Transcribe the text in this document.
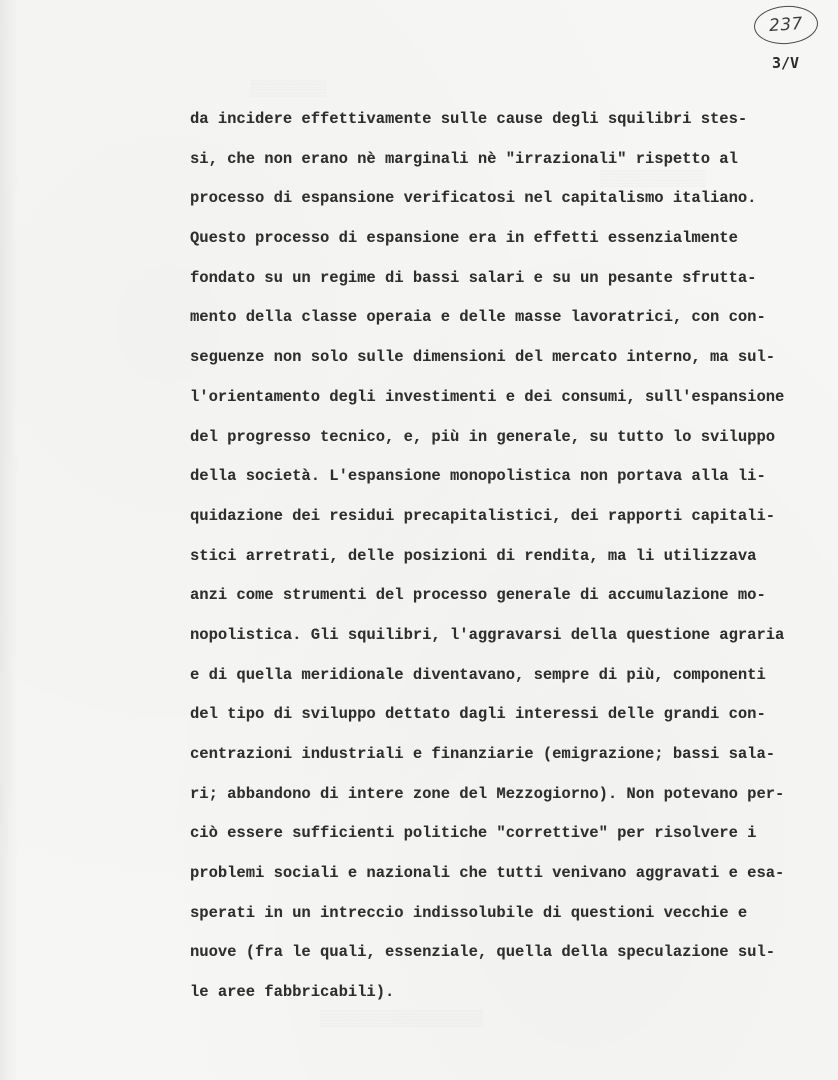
▒▒▒▒▒▒▒▒
▒▒▒▒▒▒▒▒▒▒▒
▒▒▒▒▒▒▒▒▒▒▒▒▒▒▒▒▒
237
3/V
da incidere effettivamente sulle cause degli squilibri stes-
si, che non erano nè marginali nè "irrazionali" rispetto al
processo di espansione verificatosi nel capitalismo italiano.
Questo processo di espansione era in effetti essenzialmente
fondato su un regime di bassi salari e su un pesante sfrutta-
mento della classe operaia e delle masse lavoratrici, con con-
seguenze non solo sulle dimensioni del mercato interno, ma sul-
l'orientamento degli investimenti e dei consumi, sull'espansione
del progresso tecnico, e, più in generale, su tutto lo sviluppo
della società. L'espansione monopolistica non portava alla li-
quidazione dei residui precapitalistici, dei rapporti capitali-
stici arretrati, delle posizioni di rendita, ma li utilizzava
anzi come strumenti del processo generale di accumulazione mo-
nopolistica. Gli squilibri, l'aggravarsi della questione agraria
e di quella meridionale diventavano, sempre di più, componenti
del tipo di sviluppo dettato dagli interessi delle grandi con-
centrazioni industriali e finanziarie (emigrazione; bassi sala-
ri; abbandono di intere zone del Mezzogiorno). Non potevano per-
ciò essere sufficienti politiche "correttive" per risolvere i
problemi sociali e nazionali che tutti venivano aggravati e esa-
sperati in un intreccio indissolubile di questioni vecchie e
nuove (fra le quali, essenziale, quella della speculazione sul-
le aree fabbricabili).
